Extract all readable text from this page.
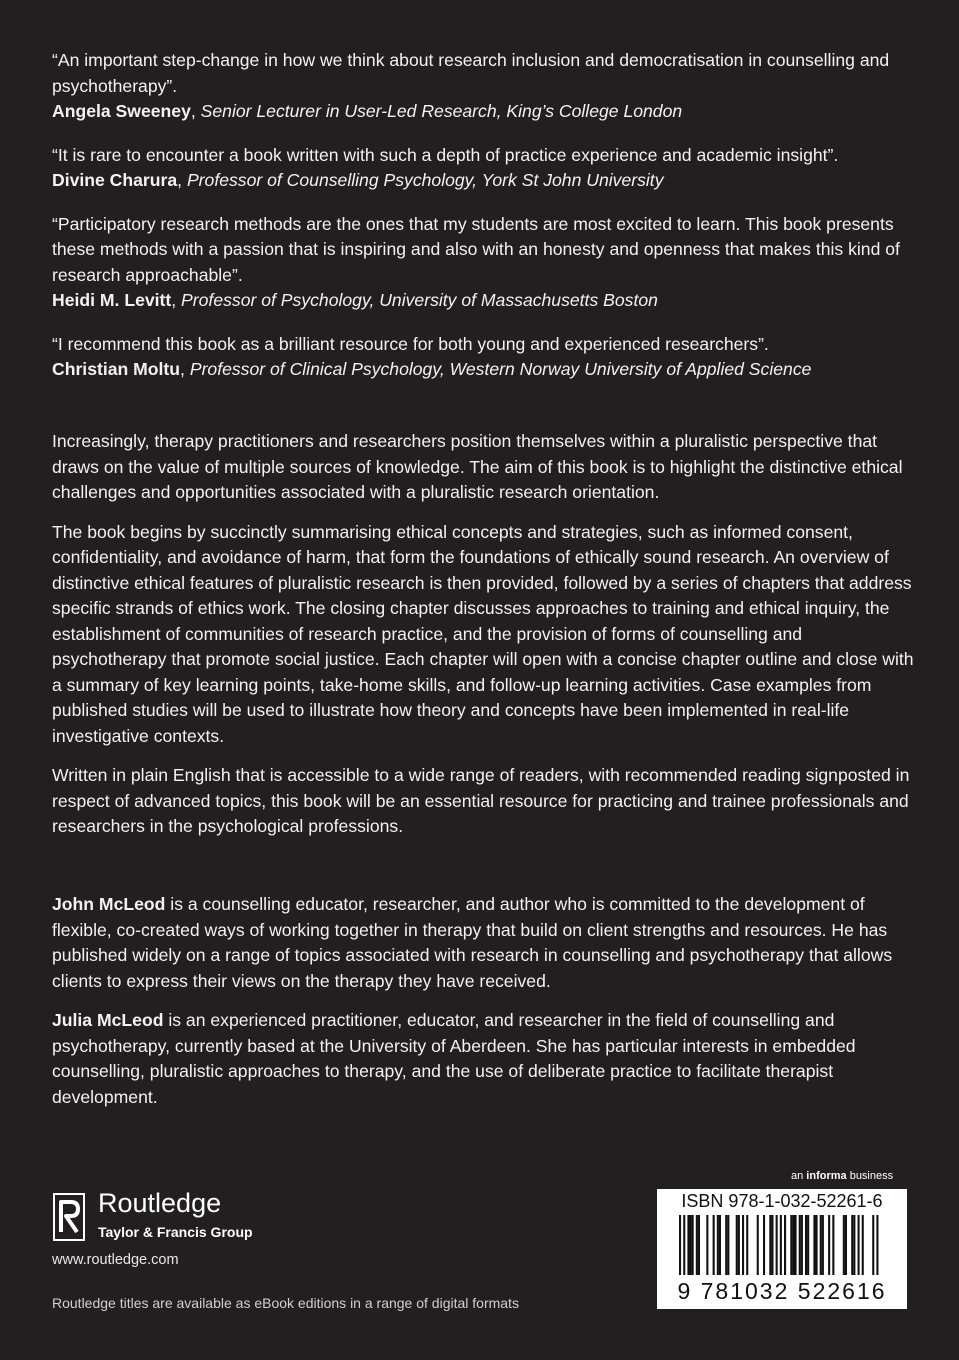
“An important step-change in how we think about research inclusion and democratisation in counselling and psychotherapy”.

Angela Sweeney, Senior Lecturer in User-Led Research, King’s College London

“It is rare to encounter a book written with such a depth of practice experience and academic insight”.

Divine Charura, Professor of Counselling Psychology, York St John University

“Participatory research methods are the ones that my students are most excited to learn. This book presents these methods with a passion that is inspiring and also with an honesty and openness that makes this kind of research approachable”.

Heidi M. Levitt, Professor of Psychology, University of Massachusetts Boston

“I recommend this book as a brilliant resource for both young and experienced researchers”.

Christian Moltu, Professor of Clinical Psychology, Western Norway University of Applied Science

Increasingly, therapy practitioners and researchers position themselves within a pluralistic perspective that draws on the value of multiple sources of knowledge. The aim of this book is to highlight the distinctive ethical challenges and opportunities associated with a pluralistic research orientation.

The book begins by succinctly summarising ethical concepts and strategies, such as informed consent, confidentiality, and avoidance of harm, that form the foundations of ethically sound research. An overview of distinctive ethical features of pluralistic research is then provided, followed by a series of chapters that address specific strands of ethics work. The closing chapter discusses approaches to training and ethical inquiry, the establishment of communities of research practice, and the provision of forms of counselling and psychotherapy that promote social justice. Each chapter will open with a concise chapter outline and close with a summary of key learning points, take-home skills, and follow-up learning activities. Case examples from published studies will be used to illustrate how theory and concepts have been implemented in real-life investigative contexts.

Written in plain English that is accessible to a wide range of readers, with recommended reading signposted in respect of advanced topics, this book will be an essential resource for practicing and trainee professionals and researchers in the psychological professions.

John McLeod is a counselling educator, researcher, and author who is committed to the development of flexible, co-created ways of working together in therapy that build on client strengths and resources. He has published widely on a range of topics associated with research in counselling and psychotherapy that allows clients to express their views on the therapy they have received.

Julia McLeod is an experienced practitioner, educator, and researcher in the field of counselling and psychotherapy, currently based at the University of Aberdeen. She has particular interests in embedded counselling, pluralistic approaches to therapy, and the use of deliberate practice to facilitate therapist development.

Routledge
Taylor & Francis Group
www.routledge.com
Routledge titles are available as eBook editions in a range of digital formats
an informa business
ISBN 978-1-032-52261-6
9 781032 522616
